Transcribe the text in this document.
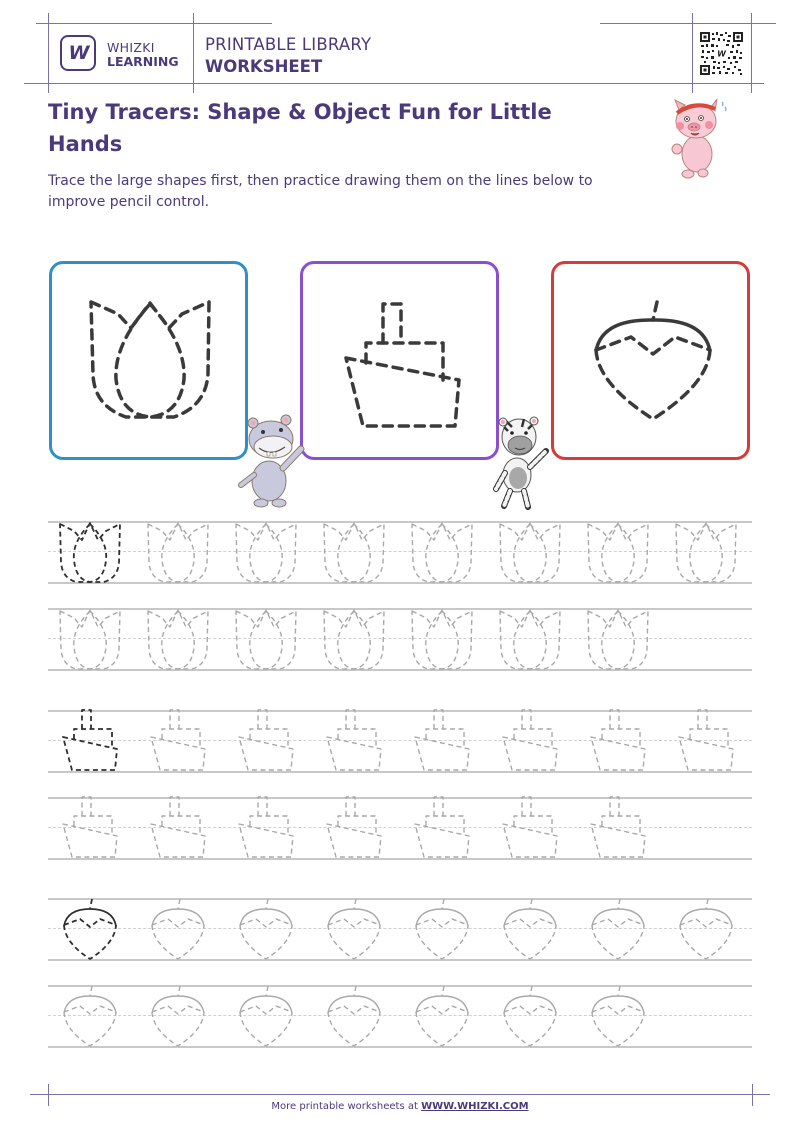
W WHIZKI
LEARNING
PRINTABLE LIBRARY
WORKSHEET
W
Tiny Tracers: Shape & Object Fun for Little Hands

Trace the large shapes first, then practice drawing them on the lines below to improve pencil control.

More printable worksheets at WWW.WHIZKI.COM
